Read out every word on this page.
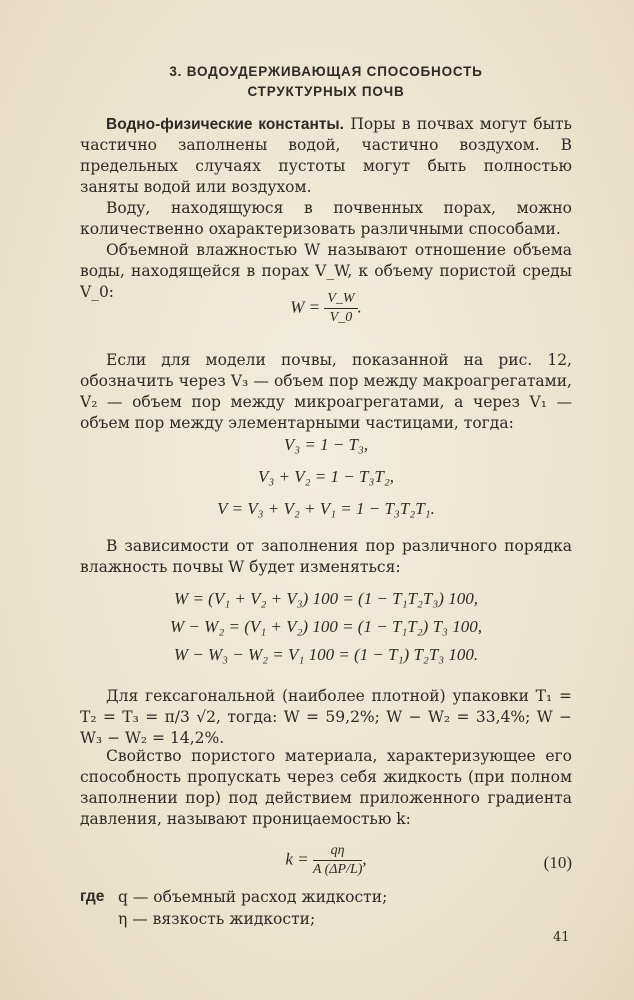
3. ВОДОУДЕРЖИВАЮЩАЯ СПОСОБНОСТЬ
СТРУКТУРНЫХ ПОЧВ
Водно-физические константы. Поры в почвах могут быть частично заполнены водой, частично воздухом. В предельных случаях пустоты могут быть полностью заняты водой или воздухом.
Воду, находящуюся в почвенных порах, можно количественно охарактеризовать различными способами.
Объемной влажностью W называют отношение объема воды, находящейся в порах V_W, к объему пористой среды V_0:
$W = \frac{V\_W}{V\_0}$ .
Если для модели почвы, показанной на рис. 12, обозначить через V₃ — объем пор между макроагрегатами, V₂ — объем пор между микроагрегатами, а через V₁ — объем пор между элементарными частицами, тогда:
V₃ = 1 − T₃,
V₃ + V₂ = 1 − T₃T₂,
V = V₃ + V₂ + V₁ = 1 − T₃T₂T₁.
В зависимости от заполнения пор различного порядка влажность почвы W будет изменяться:
W = (V₁ + V₂ + V₃) 100 = (1 − T₁T₂T₃) 100,
W − W₂ = (V₁ + V₂) 100 = (1 − T₁T₂) T₃ 100,
W − W₃ − W₂ = V₁ 100 = (1 − T₁) T₂T₃ 100.
Для гексагональной (наиболее плотной) упаковки T₁ = T₂ = T₃ = π/3 √2, тогда: W = 59,2%; W − W₂ = 33,4%; W − W₃ − W₂ = 14,2%.
Свойство пористого материала, характеризующее его способность пропускать через себя жидкость (при полном заполнении пор) под действием приложенного градиента давления, называют проницаемостью k:
$k = \frac{q\eta}{A (\Delta P/L)}$ ,	(10)
где q — объемный расход жидкости;
η — вязкость жидкости;
41
